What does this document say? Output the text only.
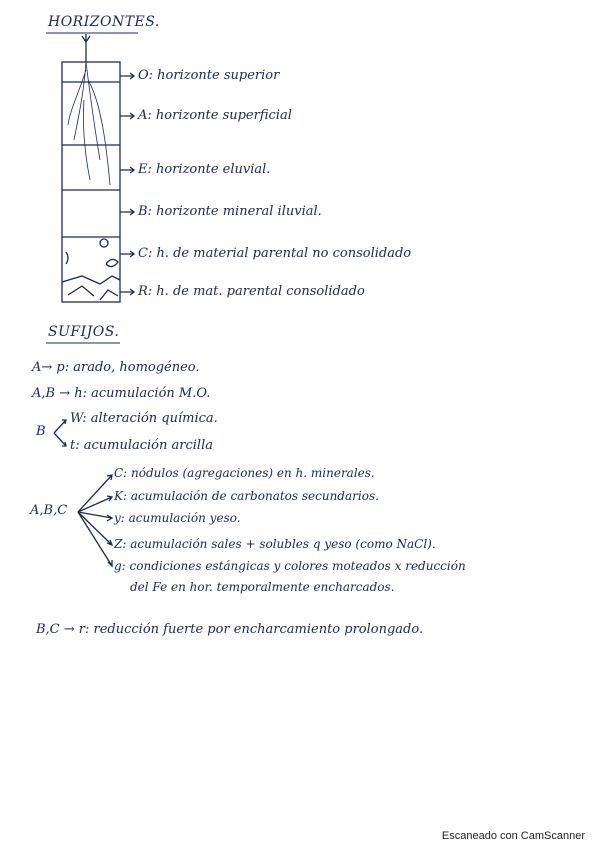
HORIZONTES.
O: horizonte superior
A: horizonte superficial
E: horizonte eluvial.
B: horizonte mineral iluvial.
C: h. de material parental no consolidado
R: h. de mat. parental consolidado
SUFIJOS.
A→ p: arado, homogéneo.
A,B → h: acumulación M.O.
B
W: alteración química.
t: acumulación arcilla
A,B,C
C: nódulos (agregaciones) en h. minerales.
K: acumulación de carbonatos secundarios.
y: acumulación yeso.
Z: acumulación sales + solubles q yeso (como NaCl).
g: condiciones estángicas y colores moteados x reducción
del Fe en hor. temporalmente encharcados.
B,C → r: reducción fuerte por encharcamiento prolongado.
Escaneado con CamScanner
